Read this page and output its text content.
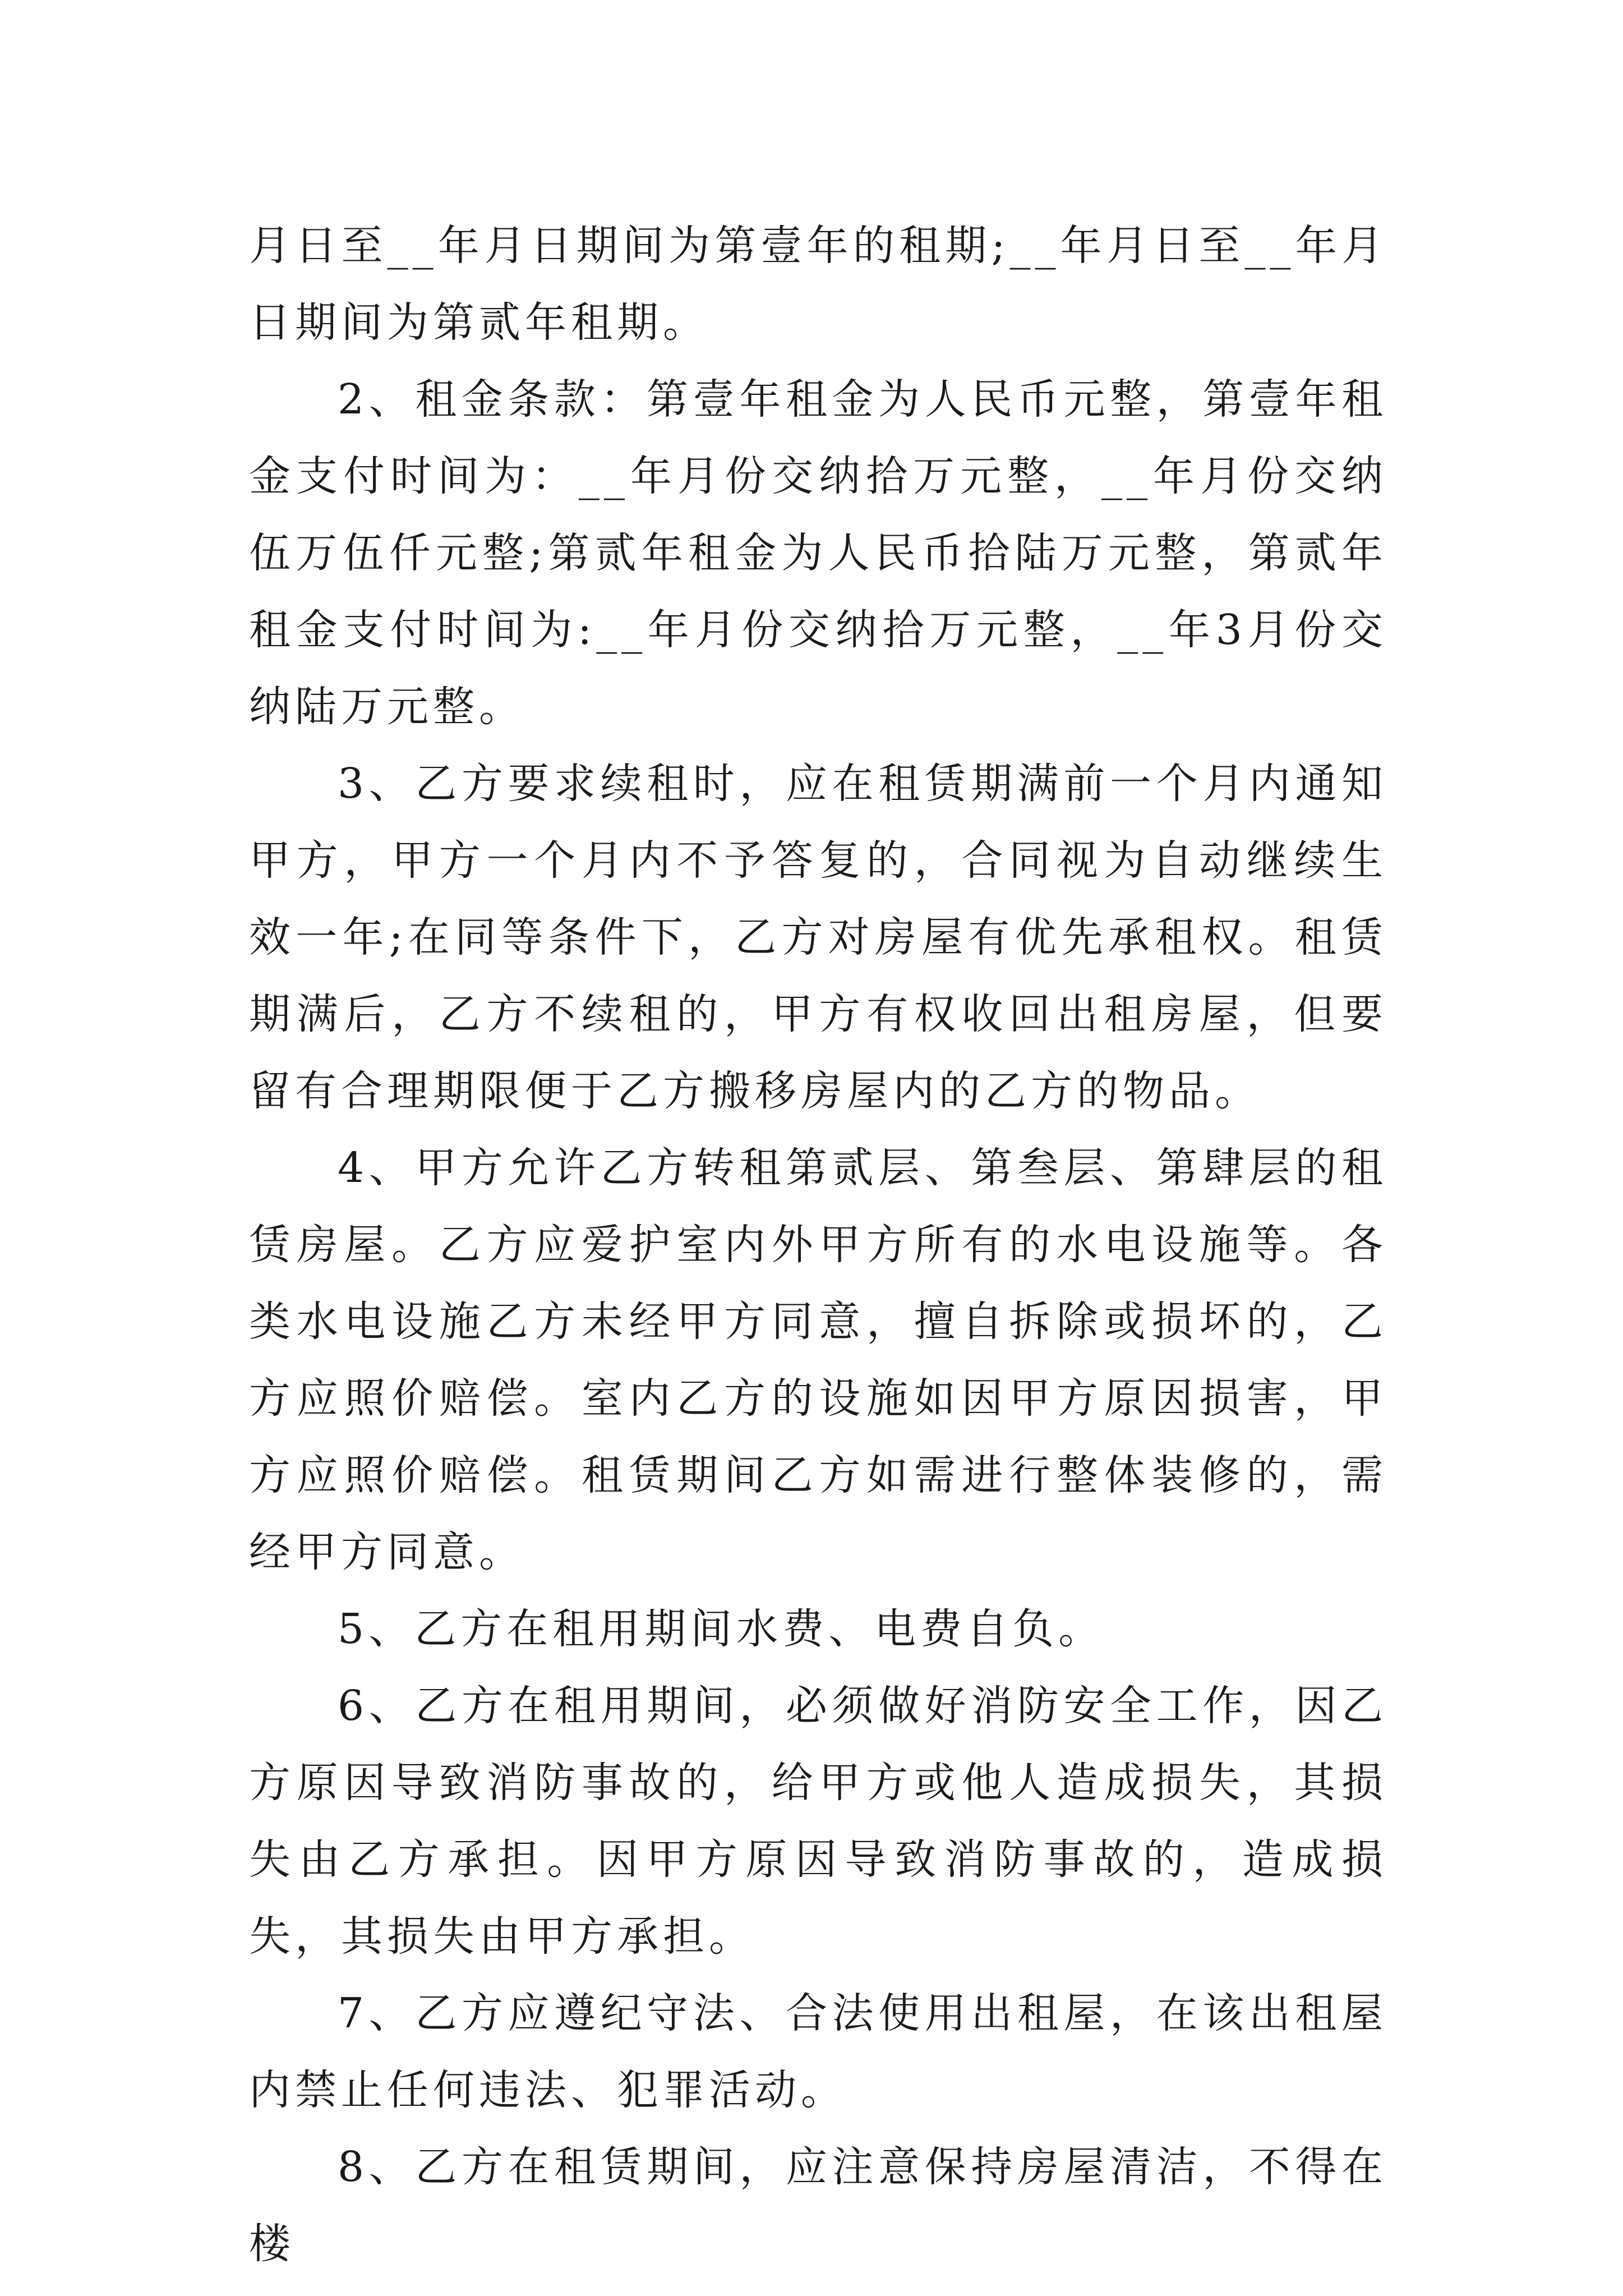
月日至__年月日期间为第壹年的租期;__年月日至__年月日期间为第贰年租期。

2、租金条款：第壹年租金为人民币元整，第壹年租金支付时间为：__年月份交纳拾万元整，__年月份交纳伍万伍仟元整;第贰年租金为人民币拾陆万元整，第贰年租金支付时间为:__年月份交纳拾万元整，__年3月份交纳陆万元整。

3、乙方要求续租时，应在租赁期满前一个月内通知甲方，甲方一个月内不予答复的，合同视为自动继续生效一年;在同等条件下，乙方对房屋有优先承租权。租赁期满后，乙方不续租的，甲方有权收回出租房屋，但要留有合理期限便于乙方搬移房屋内的乙方的物品。

4、甲方允许乙方转租第贰层、第叁层、第肆层的租赁房屋。乙方应爱护室内外甲方所有的水电设施等。各类水电设施乙方未经甲方同意，擅自拆除或损坏的，乙方应照价赔偿。室内乙方的设施如因甲方原因损害，甲方应照价赔偿。租赁期间乙方如需进行整体装修的，需经甲方同意。

5、乙方在租用期间水费、电费自负。

6、乙方在租用期间，必须做好消防安全工作，因乙方原因导致消防事故的，给甲方或他人造成损失，其损失由乙方承担。因甲方原因导致消防事故的，造成损失，其损失由甲方承担。

7、乙方应遵纪守法、合法使用出租屋，在该出租屋内禁止任何违法、犯罪活动。

8、乙方在租赁期间，应注意保持房屋清洁，不得在楼
